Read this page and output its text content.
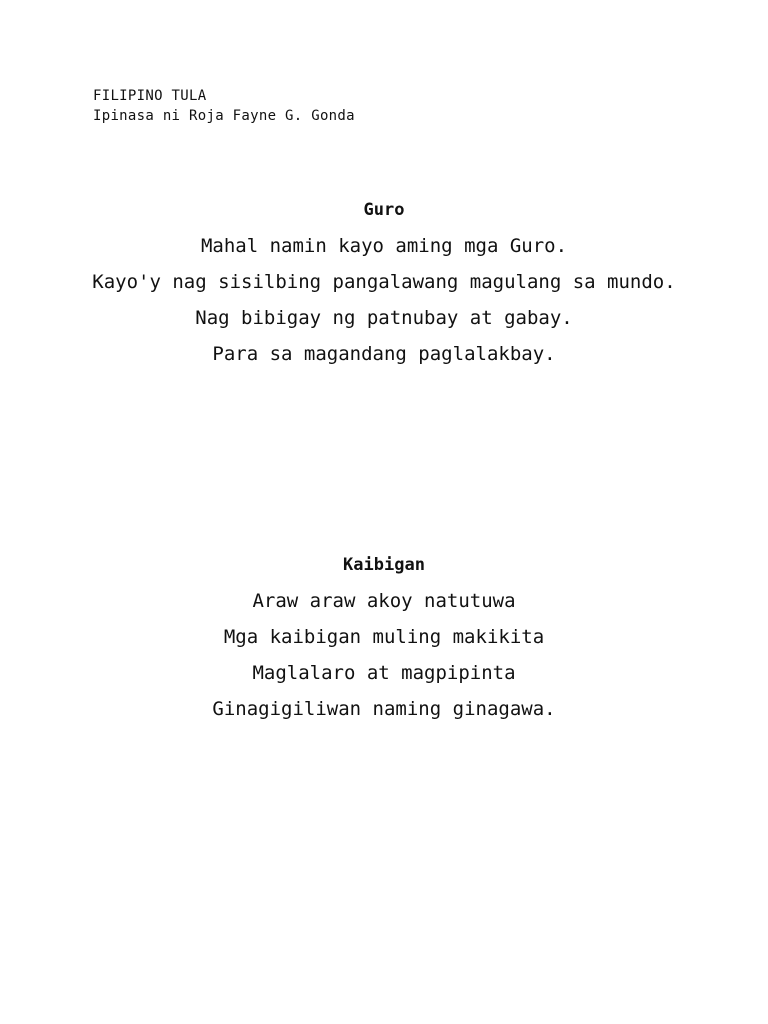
FILIPINO TULA
Ipinasa ni Roja Fayne G. Gonda
Guro
Mahal namin kayo aming mga Guro.
Kayo'y nag sisilbing pangalawang magulang sa mundo.
Nag bibigay ng patnubay at gabay.
Para sa magandang paglalakbay.
Kaibigan
Araw araw akoy natutuwa
Mga kaibigan muling makikita
Maglalaro at magpipinta
Ginagigiliwan naming ginagawa.
